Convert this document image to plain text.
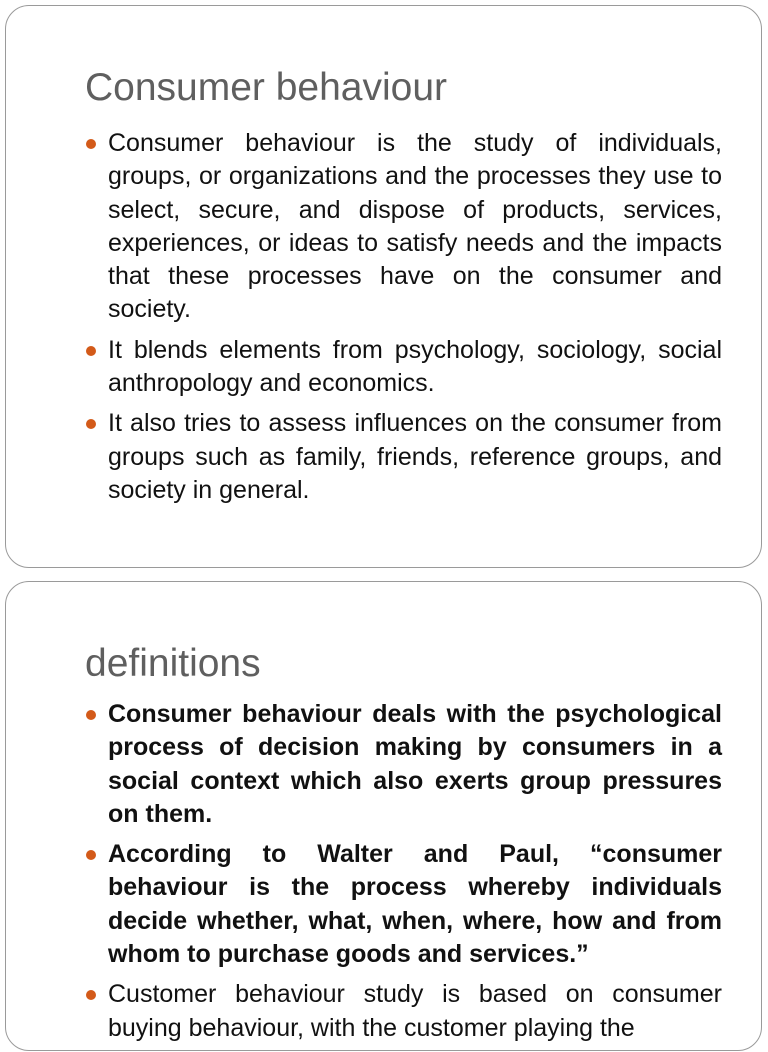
Consumer behaviour
Consumer behaviour is the study of individuals, groups, or organizations and the processes they use to select, secure, and dispose of products, services, experiences, or ideas to satisfy needs and the impacts that these processes have on the consumer and society.
It blends elements from psychology, sociology, social anthropology and economics.
It also tries to assess influences on the consumer from groups such as family, friends, reference groups, and society in general.
definitions
Consumer behaviour deals with the psychological process of decision making by consumers in a social context which also exerts group pressures on them.
According to Walter and Paul, “consumer behaviour is the process whereby individuals decide whether, what, when, where, how and from whom to purchase goods and services.”
Customer behaviour study is based on consumer buying behaviour, with the customer playing the
